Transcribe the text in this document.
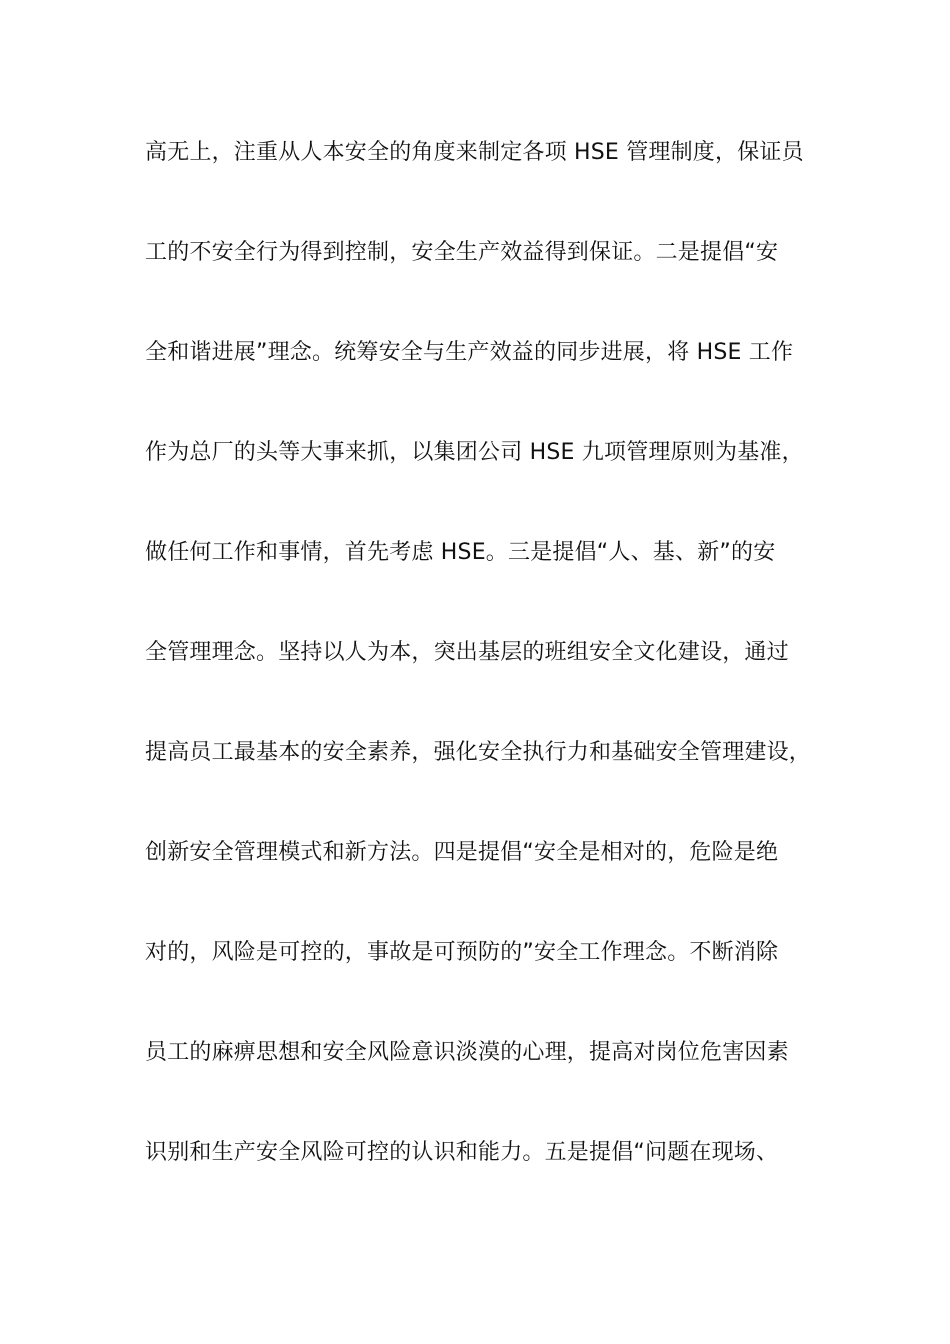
高无上，注重从人本安全的角度来制定各项 HSE 管理制度，保证员
工的不安全行为得到控制，安全生产效益得到保证。二是提倡“安
全和谐进展”理念。统筹安全与生产效益的同步进展，将 HSE 工作
作为总厂的头等大事来抓，以集团公司 HSE 九项管理原则为基准，
做任何工作和事情，首先考虑 HSE。三是提倡“人、基、新”的安
全管理理念。坚持以人为本，突出基层的班组安全文化建设，通过
提高员工最基本的安全素养，强化安全执行力和基础安全管理建设，
创新安全管理模式和新方法。四是提倡“安全是相对的，危险是绝
对的，风险是可控的，事故是可预防的”安全工作理念。不断消除
员工的麻痹思想和安全风险意识淡漠的心理，提高对岗位危害因素
识别和生产安全风险可控的认识和能力。五是提倡“问题在现场、
